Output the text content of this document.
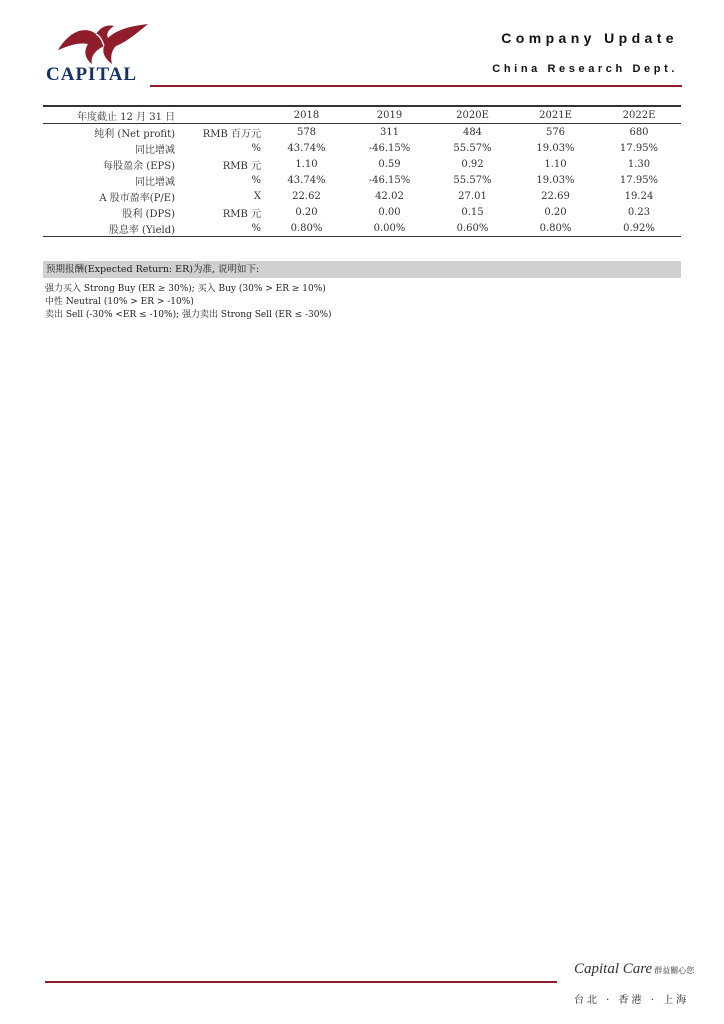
CAPITAL
Company Update
China Research Dept.
年度截止 12 月 31 日		2018	2019	2020E	2021E	2022E
纯利 (Net profit)	RMB 百万元	578	311	484	576	680
同比增减	%	43.74%	-46.15%	55.57%	19.03%	17.95%
每股盈余 (EPS)	RMB 元	1.10	0.59	0.92	1.10	1.30
同比增减	%	43.74%	-46.15%	55.57%	19.03%	17.95%
A 股市盈率(P/E)	X	22.62	42.02	27.01	22.69	19.24
股利 (DPS)	RMB 元	0.20	0.00	0.15	0.20	0.23
股息率 (Yield)	%	0.80%	0.00%	0.60%	0.80%	0.92%
预期报酬(Expected Return: ER)为准, 说明如下:
强力买入 Strong Buy (ER ≥ 30%); 买入 Buy (30% > ER ≥ 10%)
中性 Neutral (10% > ER > -10%)
卖出 Sell (-30% <ER ≤ -10%); 强力卖出 Strong Sell (ER ≤ -30%)
Capital Care 群益關心您
台北 · 香港 · 上海
